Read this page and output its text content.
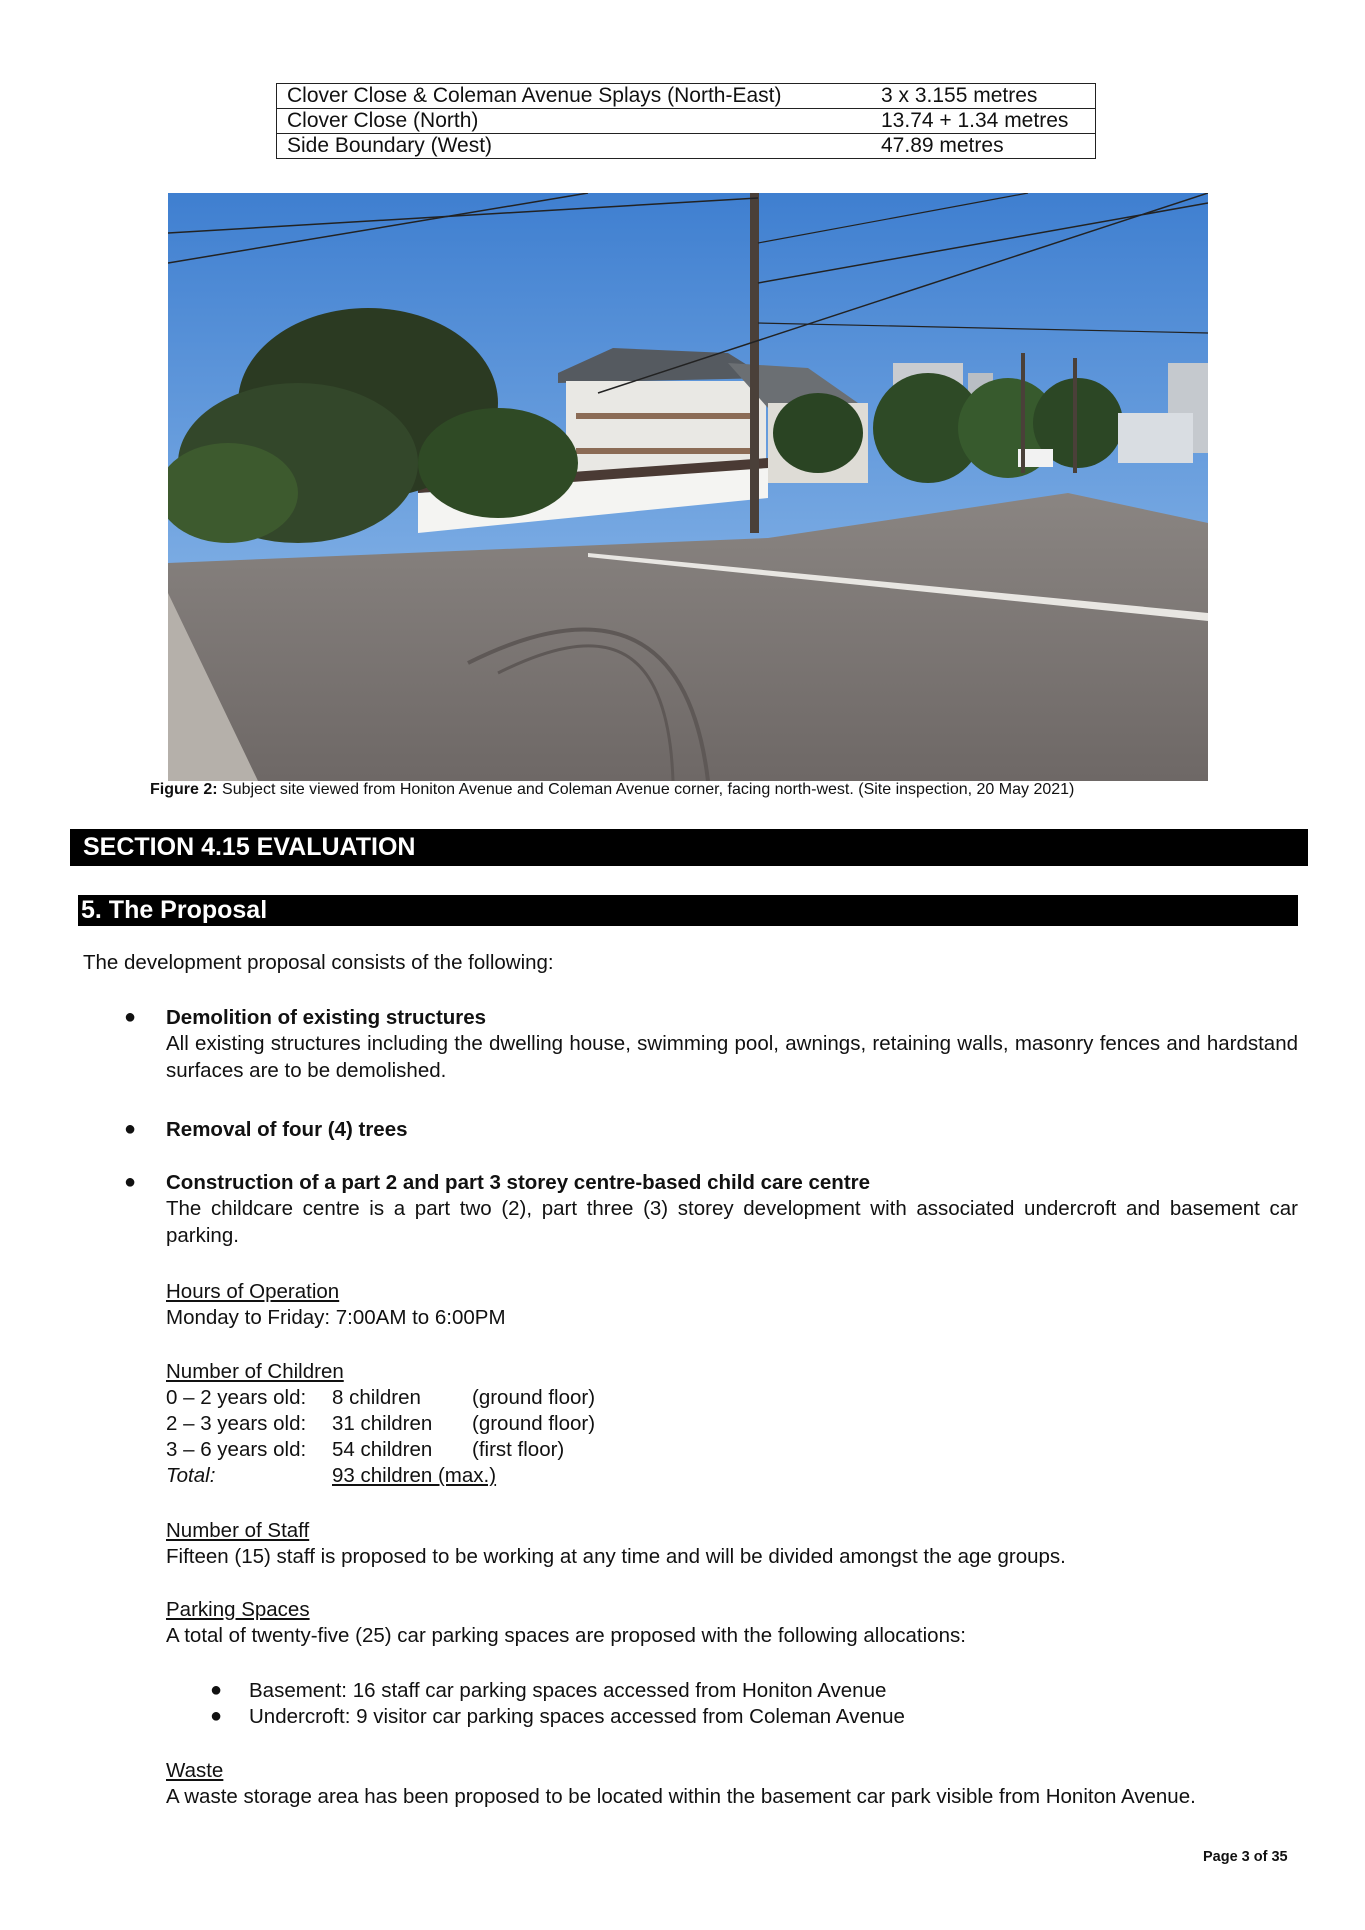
Clover Close & Coleman Avenue Splays (North-East)	3 x 3.155 metres
Clover Close (North)	13.74 + 1.34 metres
Side Boundary (West)	47.89 metres
Figure 2: Subject site viewed from Honiton Avenue and Coleman Avenue corner, facing north-west. (Site inspection, 20 May 2021)
SECTION 4.15 EVALUATION
5. The Proposal
The development proposal consists of the following:
● Demolition of existing structures
All existing structures including the dwelling house, swimming pool, awnings, retaining walls, masonry fences and hardstand surfaces are to be demolished.
● Removal of four (4) trees
● Construction of a part 2 and part 3 storey centre-based child care centre
The childcare centre is a part two (2), part three (3) storey development with associated undercroft and basement car parking.
Hours of Operation
Monday to Friday: 7:00AM to 6:00PM
Number of Children
0 – 2 years old: 8 children (ground floor)
2 – 3 years old: 31 children (ground floor)
3 – 6 years old: 54 children (first floor)
Total:	93 children (max.)
Number of Staff
Fifteen (15) staff is proposed to be working at any time and will be divided amongst the age groups.
Parking Spaces
A total of twenty-five (25) car parking spaces are proposed with the following allocations:
● Basement: 16 staff car parking spaces accessed from Honiton Avenue
● Undercroft: 9 visitor car parking spaces accessed from Coleman Avenue
Waste
A waste storage area has been proposed to be located within the basement car park visible from Honiton Avenue.
Page 3 of 35
